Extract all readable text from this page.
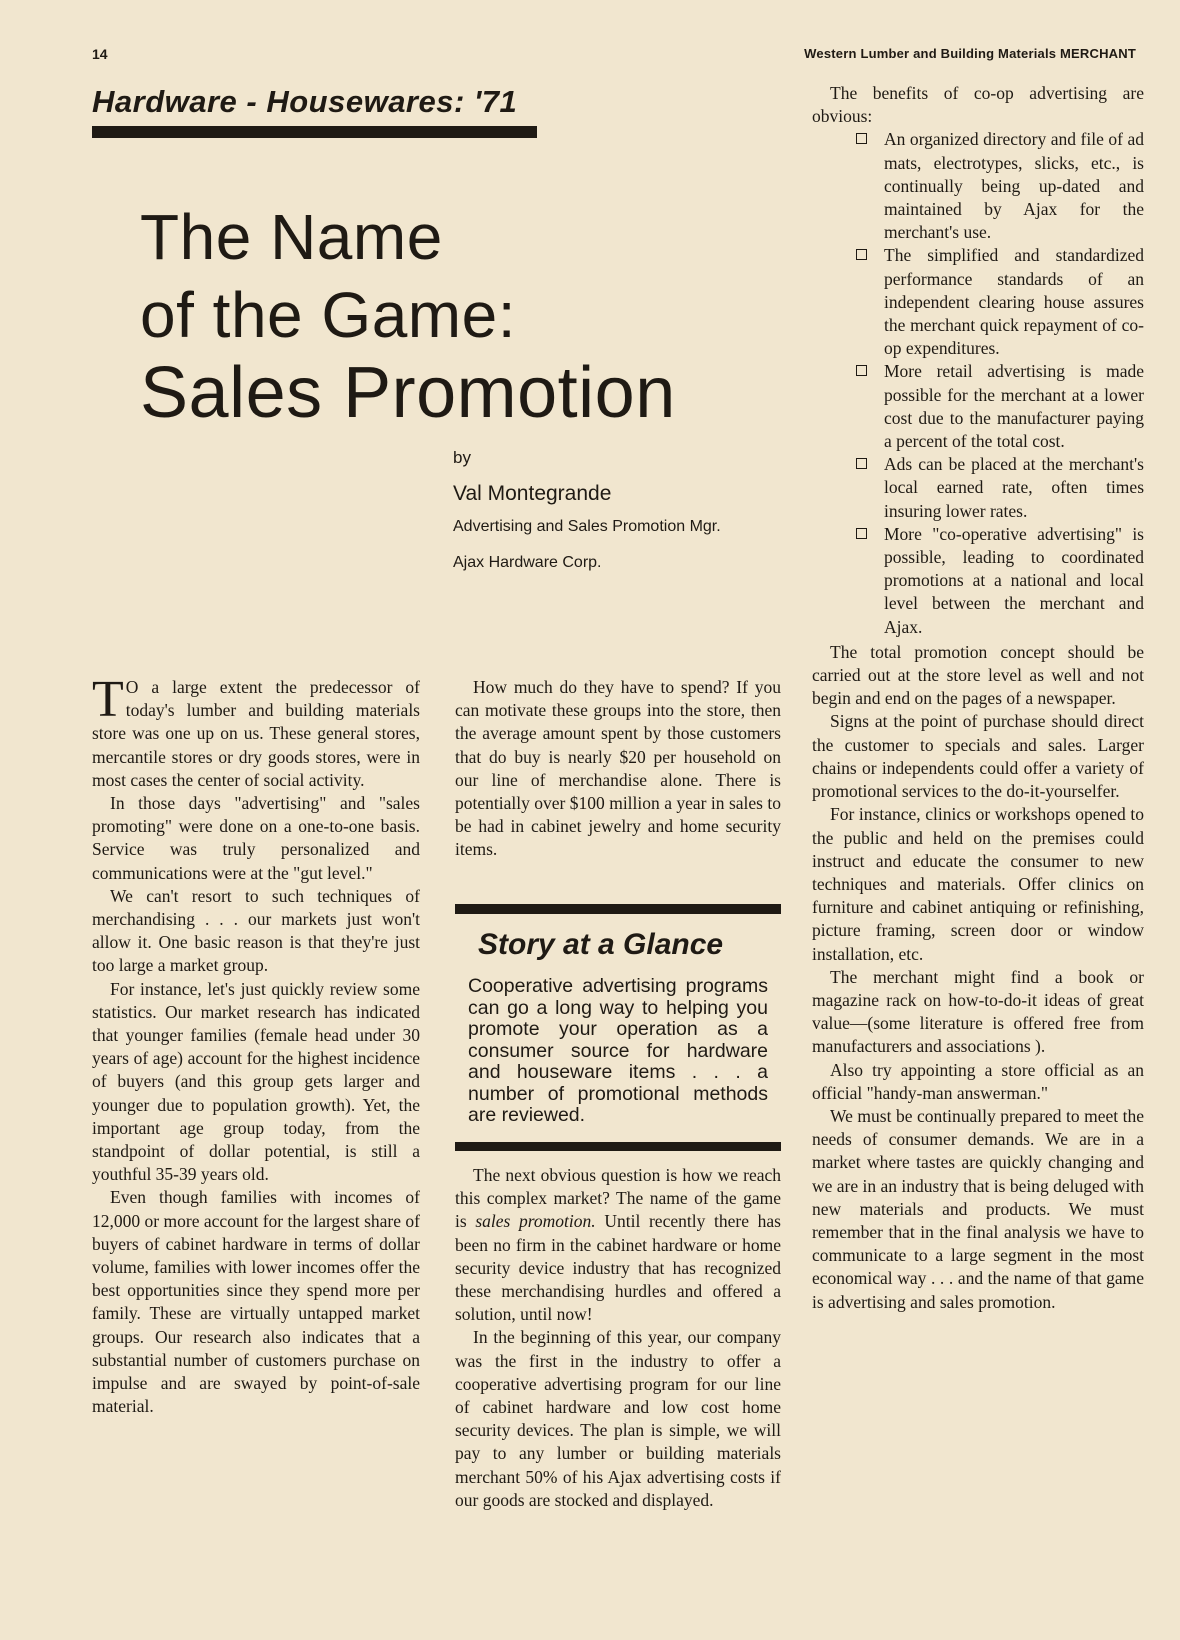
14	Western Lumber and Building Materials MERCHANT
Hardware - Housewares: '71
The Name
of the Game:
Sales Promotion
by
Val Montegrande
Advertising and Sales Promotion Mgr.
Ajax Hardware Corp.

T O a large extent the predecessor of today's lumber and building materials store was one up on us. These general stores, mercantile stores or dry goods stores, were in most cases the center of social activity.

In those days "advertising" and "sales promoting" were done on a one-to-one basis. Service was truly personalized and communications were at the "gut level."

We can't resort to such techniques of merchandising . . . our markets just won't allow it. One basic reason is that they're just too large a market group.

For instance, let's just quickly review some statistics. Our market research has indicated that younger families (female head under 30 years of age) account for the highest incidence of buyers (and this group gets larger and younger due to population growth). Yet, the important age group today, from the standpoint of dollar potential, is still a youthful 35-39 years old.

Even though families with incomes of 12,000 or more account for the largest share of buyers of cabinet hardware in terms of dollar volume, families with lower incomes offer the best opportunities since they spend more per family. These are virtually untapped market groups. Our research also indicates that a substantial number of customers purchase on impulse and are swayed by point-of-sale material.

How much do they have to spend? If you can motivate these groups into the store, then the average amount spent by those customers that do buy is nearly $20 per household on our line of merchandise alone. There is potentially over $100 million a year in sales to be had in cabinet jewelry and home security items.

Story at a Glance

Cooperative advertising programs can go a long way to helping you promote your operation as a consumer source for hardware and houseware items . . . a number of promotional methods are reviewed.

The next obvious question is how we reach this complex market? The name of the game is sales promotion. Until recently there has been no firm in the cabinet hardware or home security device industry that has recognized these merchandising hurdles and offered a solution, until now!

In the beginning of this year, our company was the first in the industry to offer a cooperative advertising program for our line of cabinet hardware and low cost home security devices. The plan is simple, we will pay to any lumber or building materials merchant 50% of his Ajax advertising costs if our goods are stocked and displayed.

The benefits of co-op advertising are obvious:

An organized directory and file of ad mats, electrotypes, slicks, etc., is continually being up-dated and maintained by Ajax for the merchant's use.

The simplified and standardized performance standards of an independent clearing house assures the merchant quick repayment of co-op expenditures.

More retail advertising is made possible for the merchant at a lower cost due to the manufacturer paying a percent of the total cost.

Ads can be placed at the merchant's local earned rate, often times insuring lower rates.

More "co-operative advertising" is possible, leading to coordinated promotions at a national and local level between the merchant and Ajax.

The total promotion concept should be carried out at the store level as well and not begin and end on the pages of a newspaper.

Signs at the point of purchase should direct the customer to specials and sales. Larger chains or independents could offer a variety of promotional services to the do-it-yourselfer.

For instance, clinics or workshops opened to the public and held on the premises could instruct and educate the consumer to new techniques and materials. Offer clinics on furniture and cabinet antiquing or refinishing, picture framing, screen door or window installation, etc.

The merchant might find a book or magazine rack on how-to-do-it ideas of great value—(some literature is offered free from manufacturers and associations ).

Also try appointing a store official as an official "handy-man answerman."

We must be continually prepared to meet the needs of consumer demands. We are in a market where tastes are quickly changing and we are in an industry that is being deluged with new materials and products. We must remember that in the final analysis we have to communicate to a large segment in the most economical way . . . and the name of that game is advertising and sales promotion.
